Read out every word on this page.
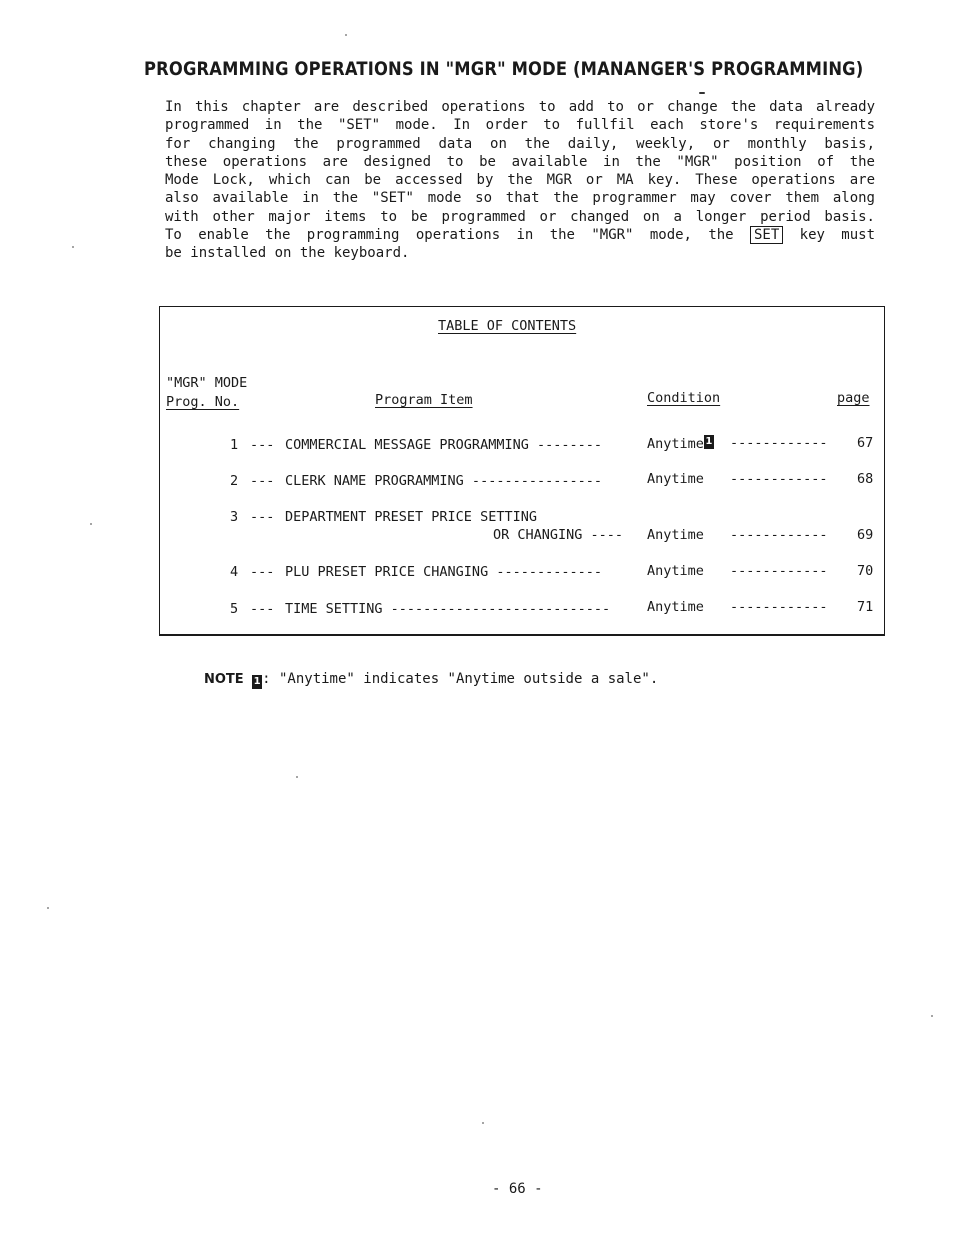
PROGRAMMING OPERATIONS IN "MGR" MODE (MANANGER'S PROGRAMMING)
In this chapter are described operations to add to or change the data already
programmed in the "SET" mode. In order to fullfil each store's requirements
for changing the programmed data on the daily, weekly, or monthly basis,
these operations are designed to be available in the "MGR" position of the
Mode Lock, which can be accessed by the MGR or MA key. These operations are
also available in the "SET" mode so that the programmer may cover them along
with other major items to be programmed or changed on a longer period basis.
To enable the programming operations in the "MGR" mode, the SET key must
be installed on the keyboard.
TABLE OF CONTENTS
"MGR" MODE
Prog. No.	Program Item	Condition	page
1 --- COMMERCIAL MESSAGE PROGRAMMING --------	Anytime 1 ------------ 67
2 --- CLERK NAME PROGRAMMING ----------------	Anytime ------------ 68
3 --- DEPARTMENT PRESET PRICE SETTING
OR CHANGING ---- Anytime ------------ 69
4 --- PLU PRESET PRICE CHANGING -------------	Anytime ------------ 70
5 --- TIME SETTING ---------------------------	Anytime ------------ 71
NOTE 1 : "Anytime" indicates "Anytime outside a sale".
- 66 -
